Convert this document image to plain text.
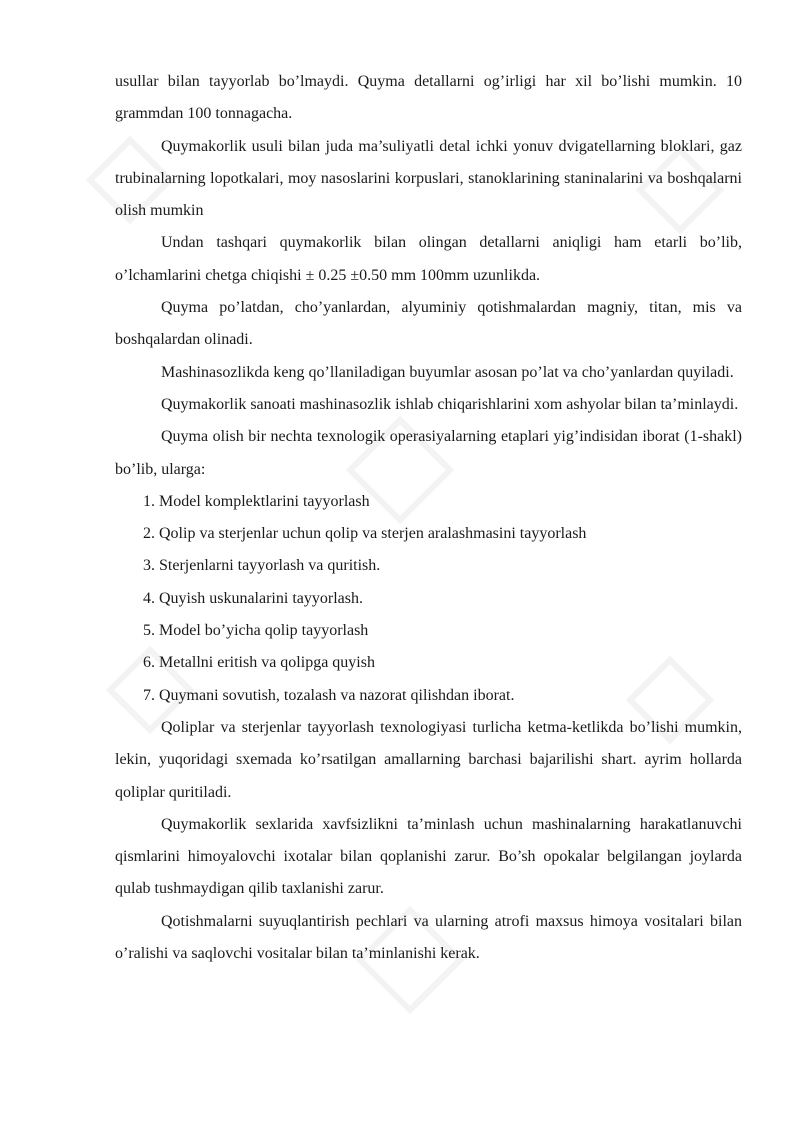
usullar bilan tayyorlab bo’lmaydi. Quyma detallarni og’irligi har xil bo’lishi mumkin. 10 grammdan 100 tonnagacha.

Quymakorlik usuli bilan juda ma’suliyatli detal ichki yonuv dvigatellarning bloklari, gaz trubinalarning lopotkalari, moy nasoslarini korpuslari, stanoklarining staninalarini va boshqalarni olish mumkin

Undan tashqari quymakorlik bilan olingan detallarni aniqligi ham etarli bo’lib, o’lchamlarini chetga chiqishi ± 0.25 ±0.50 mm 100mm uzunlikda.

Quyma po’latdan, cho’yanlardan, alyuminiy qotishmalardan magniy, titan, mis va boshqalardan olinadi.

Mashinasozlikda keng qo’llaniladigan buyumlar asosan po’lat va cho’yanlardan quyiladi.

Quymakorlik sanoati mashinasozlik ishlab chiqarishlarini xom ashyolar bilan ta’minlaydi.

Quyma olish bir nechta texnologik operasiyalarning etaplari yig’indisidan iborat (1-shakl) bo’lib, ularga:

1. Model komplektlarini tayyorlash
2. Qolip va sterjenlar uchun qolip va sterjen aralashmasini tayyorlash
3. Sterjenlarni tayyorlash va quritish.
4. Quyish uskunalarini tayyorlash.
5. Model bo’yicha qolip tayyorlash
6. Metallni eritish va qolipga quyish
7. Quymani sovutish, tozalash va nazorat qilishdan iborat.

Qoliplar va sterjenlar tayyorlash texnologiyasi turlicha ketma-ketlikda bo’lishi mumkin, lekin, yuqoridagi sxemada ko’rsatilgan amallarning barchasi bajarilishi shart. ayrim hollarda qoliplar quritiladi.

Quymakorlik sexlarida xavfsizlikni ta’minlash uchun mashinalarning harakatlanuvchi qismlarini himoyalovchi ixotalar bilan qoplanishi zarur. Bo’sh opokalar belgilangan joylarda qulab tushmaydigan qilib taxlanishi zarur.

Qotishmalarni suyuqlantirish pechlari va ularning atrofi maxsus himoya vositalari bilan o’ralishi va saqlovchi vositalar bilan ta’minlanishi kerak.
